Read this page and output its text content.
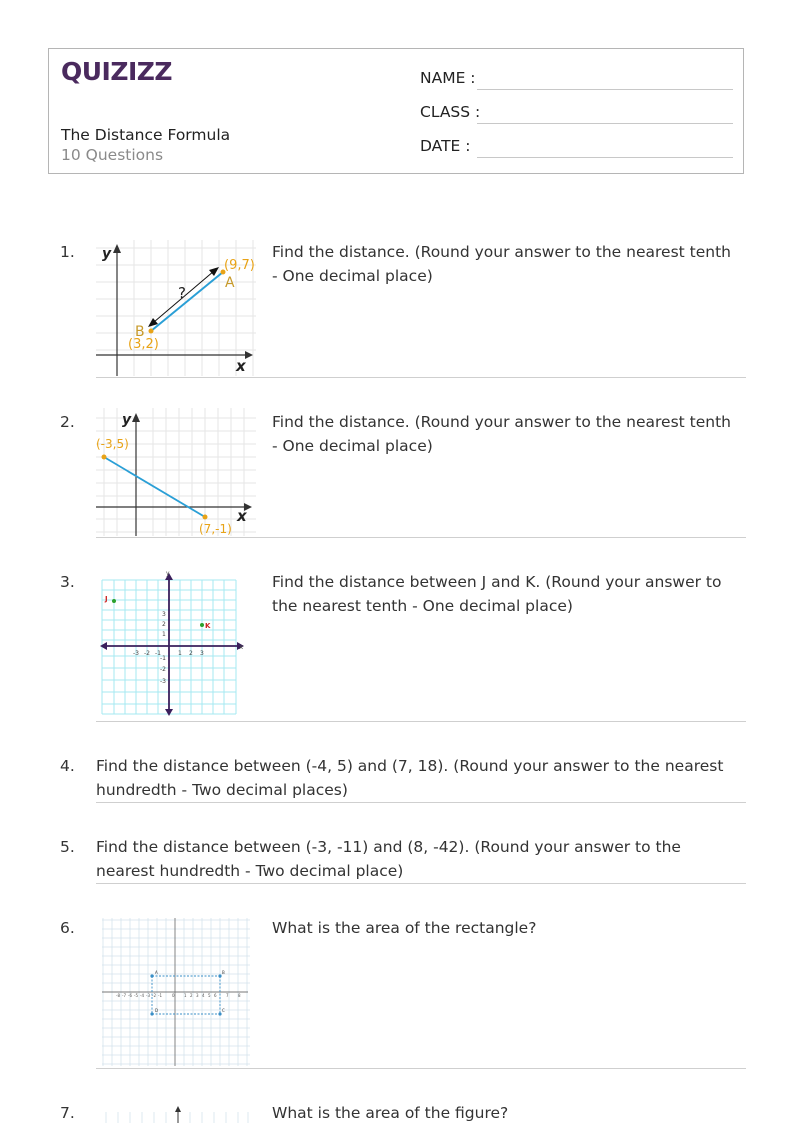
QUIZIZZ
The Distance Formula
10 Questions
NAME :
CLASS :
DATE :
1. y
x
?
(9,7)
A
B
(3,2)
Find the distance. (Round your answer to the nearest tenth - One decimal place)
2.	y
x
(-3,5)
(7,-1)
Find the distance. (Round your answer to the nearest tenth - One decimal place)
3.	y
x
-3 -2 -1	1 2 3
3
2
1
-1
-2
-3
J
K
Find the distance between J and K. (Round your answer to the nearest tenth - One decimal place)
4. Find the distance between (-4, 5) and (7, 18). (Round your answer to the nearest hundredth - Two decimal places)
5. Find the distance between (-3, -11) and (8, -42). (Round your answer to the nearest hundredth - Two decimal place)
6.
-8 -7 -6 -5 -4 -3 -2 -1	0 1 2 3 4 5 6 7 8
A	B
C
D
What is the area of the rectangle?
7.	What is the area of the figure?
